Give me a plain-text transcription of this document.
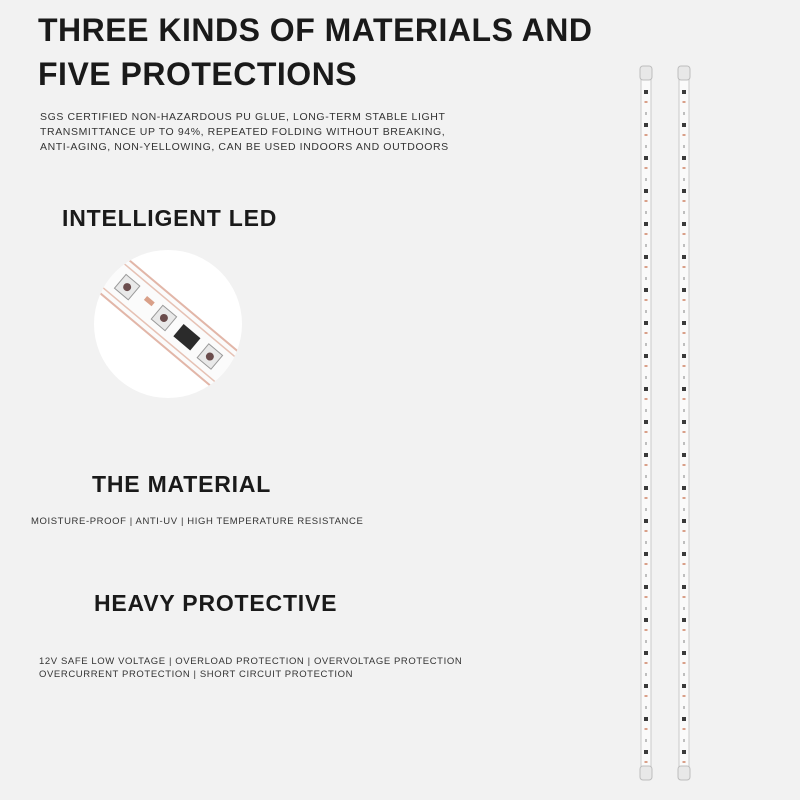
THREE KINDS OF MATERIALS AND
FIVE PROTECTIONS

SGS CERTIFIED NON-HAZARDOUS PU GLUE, LONG-TERM STABLE LIGHT
TRANSMITTANCE UP TO 94%, REPEATED FOLDING WITHOUT BREAKING,
ANTI-AGING, NON-YELLOWING, CAN BE USED INDOORS AND OUTDOORS

INTELLIGENT LED
THE MATERIAL

MOISTURE-PROOF | ANTI-UV | HIGH TEMPERATURE RESISTANCE

HEAVY PROTECTIVE

12V SAFE LOW VOLTAGE | OVERLOAD PROTECTION | OVERVOLTAGE PROTECTION
OVERCURRENT PROTECTION | SHORT CIRCUIT PROTECTION
